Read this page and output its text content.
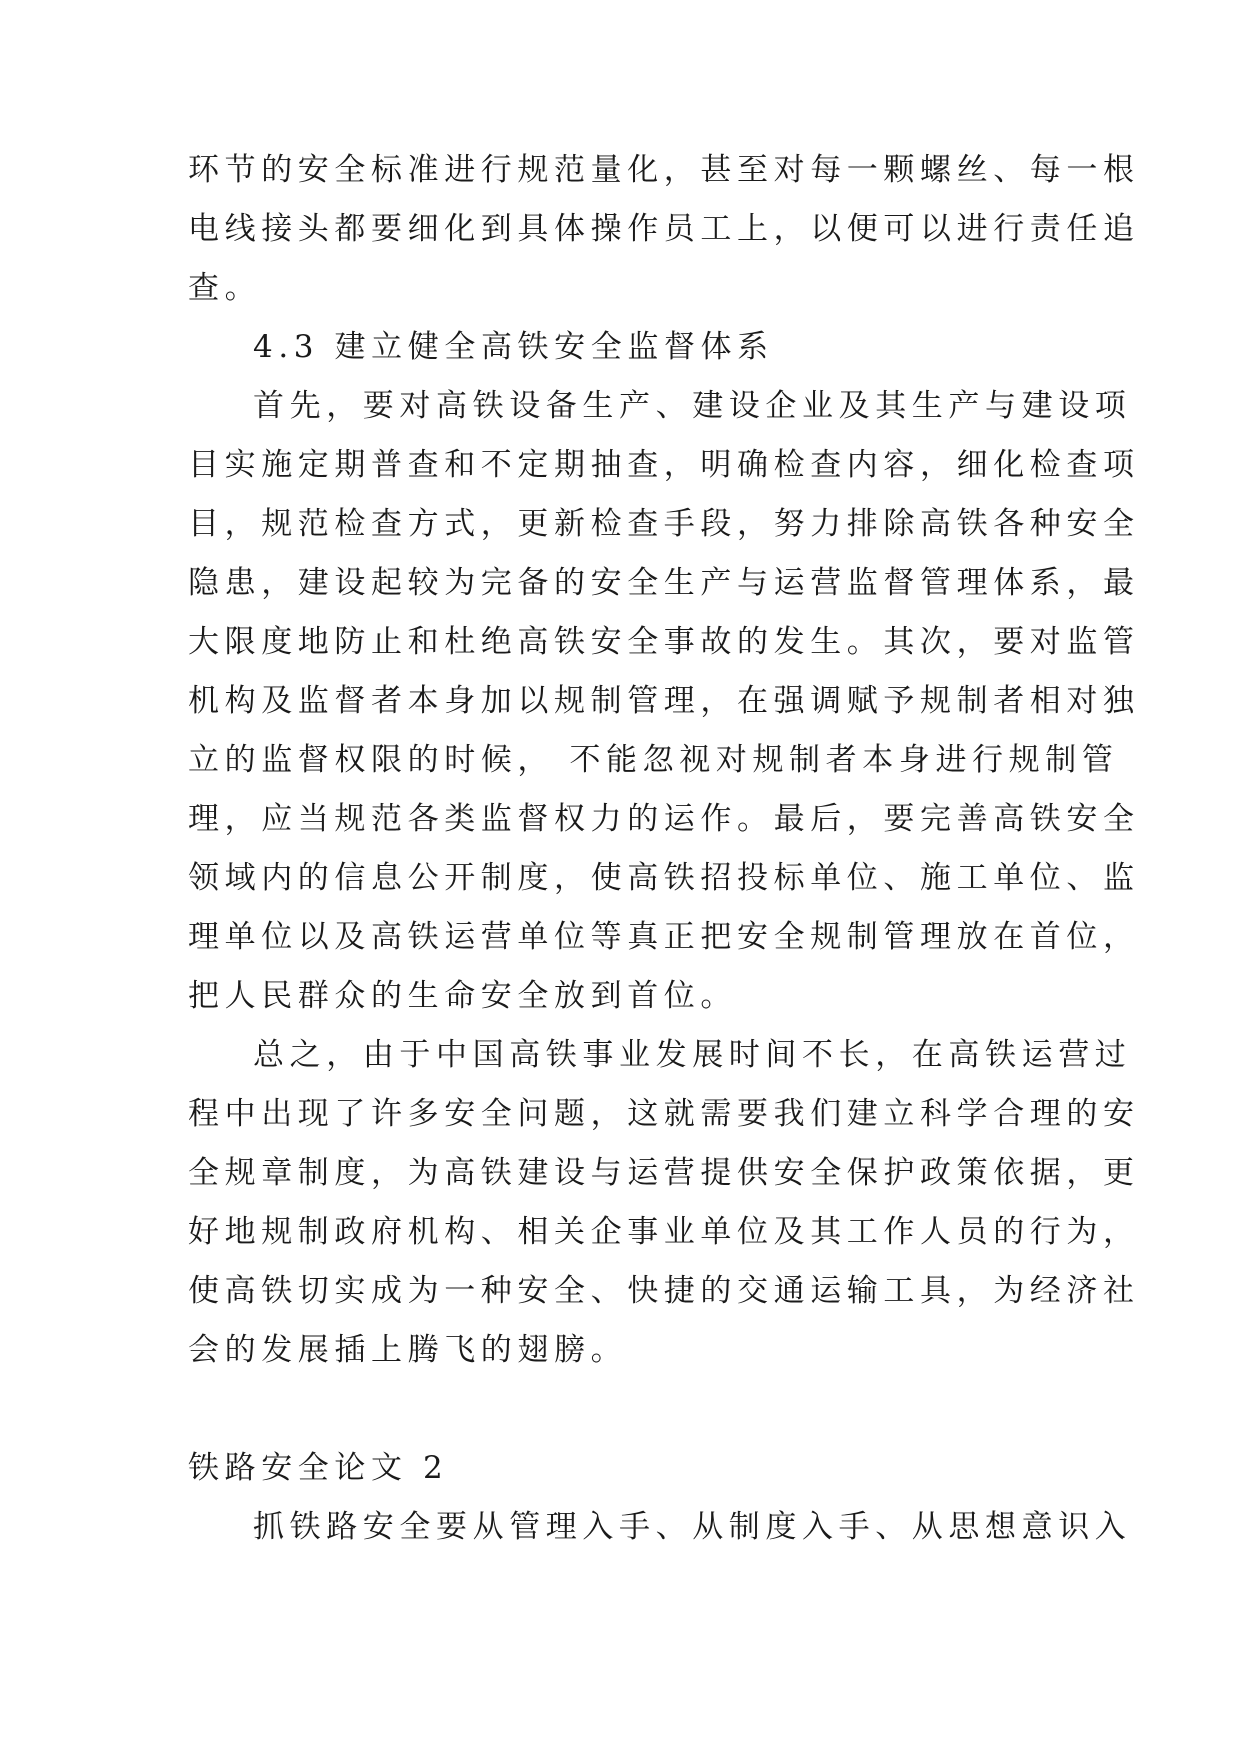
环节的安全标准进行规范量化，甚至对每一颗螺丝、每一根
电线接头都要细化到具体操作员工上，以便可以进行责任追
查。
4.3 建立健全高铁安全监督体系
首先，要对高铁设备生产、建设企业及其生产与建设项
目实施定期普查和不定期抽查，明确检查内容，细化检查项
目，规范检查方式，更新检查手段，努力排除高铁各种安全
隐患，建设起较为完备的安全生产与运营监督管理体系，最
大限度地防止和杜绝高铁安全事故的发生。其次，要对监管
机构及监督者本身加以规制管理，在强调赋予规制者相对独
立的监督权限的时候， 不能忽视对规制者本身进行规制管
理，应当规范各类监督权力的运作。最后，要完善高铁安全
领域内的信息公开制度，使高铁招投标单位、施工单位、监
理单位以及高铁运营单位等真正把安全规制管理放在首位，
把人民群众的生命安全放到首位。
总之，由于中国高铁事业发展时间不长，在高铁运营过
程中出现了许多安全问题，这就需要我们建立科学合理的安
全规章制度，为高铁建设与运营提供安全保护政策依据，更
好地规制政府机构、相关企事业单位及其工作人员的行为，
使高铁切实成为一种安全、快捷的交通运输工具，为经济社
会的发展插上腾飞的翅膀。
铁路安全论文 2
抓铁路安全要从管理入手、从制度入手、从思想意识入
